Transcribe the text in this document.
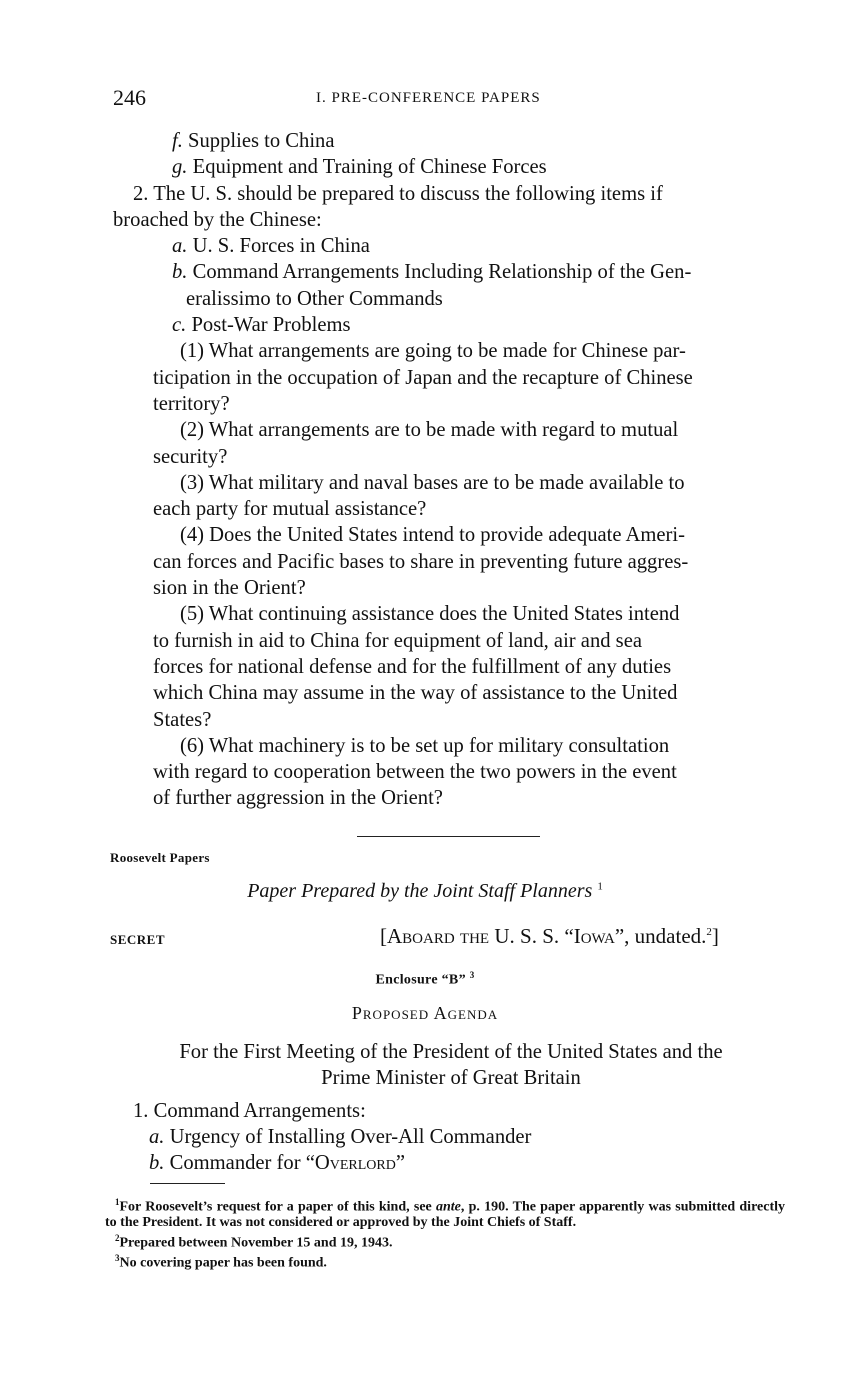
246	I. PRE-CONFERENCE PAPERS
f. Supplies to China
g. Equipment and Training of Chinese Forces
2. The U. S. should be prepared to discuss the following items if
broached by the Chinese:
a. U. S. Forces in China
b. Command Arrangements Including Relationship of the Gen-
eralissimo to Other Commands
c. Post-War Problems
(1) What arrangements are going to be made for Chinese par-
ticipation in the occupation of Japan and the recapture of Chinese
territory?
(2) What arrangements are to be made with regard to mutual
security?
(3) What military and naval bases are to be made available to
each party for mutual assistance?
(4) Does the United States intend to provide adequate Ameri-
can forces and Pacific bases to share in preventing future aggres-
sion in the Orient?
(5) What continuing assistance does the United States intend
to furnish in aid to China for equipment of land, air and sea
forces for national defense and for the fulfillment of any duties
which China may assume in the way of assistance to the United
States?
(6) What machinery is to be set up for military consultation
with regard to cooperation between the two powers in the event
of further aggression in the Orient?
Roosevelt Papers
Paper Prepared by the Joint Staff Planners $^1$
SECRET	[Aboard the U. S. S. “Iowa”, undated.$^2$]
Enclosure “B” $^3$
Proposed Agenda
For the First Meeting of the President of the United States and the
Prime Minister of Great Britain
1. Command Arrangements:
a. Urgency of Installing Over-All Commander
b. Commander for “Overlord”
$^1$For Roosevelt’s request for a paper of this kind, see ante, p. 190. The paper apparently was submitted directly to the President. It was not considered or approved by the Joint Chiefs of Staff.
$^2$Prepared between November 15 and 19, 1943.
$^3$No covering paper has been found.
